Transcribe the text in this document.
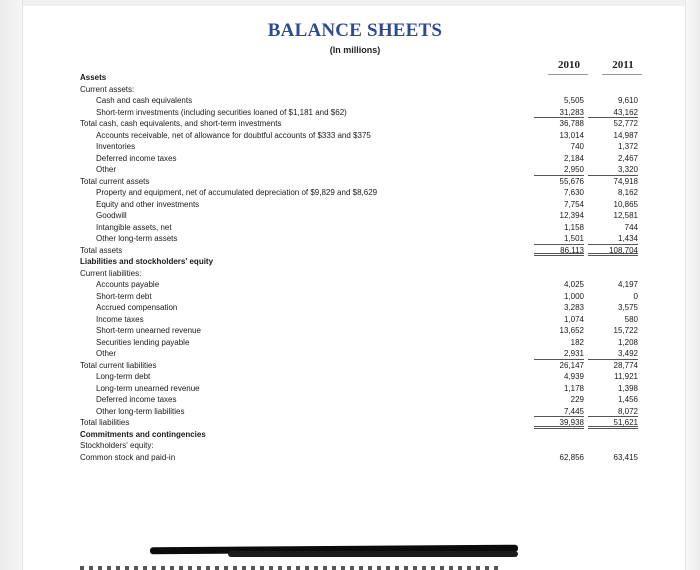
BALANCE SHEETS
(In millions)
2010	2011
Assets
Current assets:
Cash and cash equivalents	5,505	9,610
Short-term investments (including securities loaned of $1,181 and $62)	31,283	43,162
Total cash, cash equivalents, and short-term investments	36,788	52,772
Accounts receivable, net of allowance for doubtful accounts of $333 and $375	13,014	14,987
Inventories	740	1,372
Deferred income taxes	2,184	2,467
Other	2,950	3,320
Total current assets	55,676	74,918
Property and equipment, net of accumulated depreciation of $9,829 and $8,629	7,630	8,162
Equity and other investments	7,754	10,865
Goodwill	12,394	12,581
Intangible assets, net	1,158	744
Other long-term assets	1,501	1,434
Total assets	86,113	108,704
Liabilities and stockholders' equity
Current liabilities:
Accounts payable	4,025	4,197
Short-term debt	1,000	0
Accrued compensation	3,283	3,575
Income taxes	1,074	580
Short-term unearned revenue	13,652	15,722
Securities lending payable	182	1,208
Other	2,931	3,492
Total current liabilities	26,147	28,774
Long-term debt	4,939	11,921
Long-term unearned revenue	1,178	1,398
Deferred income taxes	229	1,456
Other long-term liabilities	7,445	8,072
Total liabilities	39,938	51,621
Commitments and contingencies
Stockholders' equity:
Common stock and paid-in	62,856	63,415
